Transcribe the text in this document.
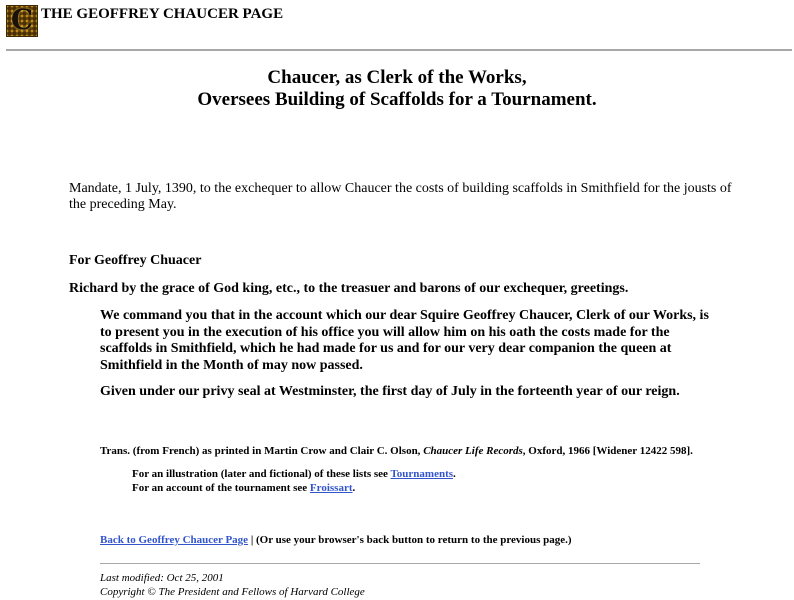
C THE GEOFFREY CHAUCER PAGE
Chaucer, as Clerk of the Works,
Oversees Building of Scaffolds for a Tournament.
Mandate, 1 July, 1390, to the exchequer to allow Chaucer the costs of building scaffolds in Smithfield for the jousts of the preceding May.
For Geoffrey Chuacer
Richard by the grace of God king, etc., to the treasuer and barons of our exchequer, greetings.
We command you that in the account which our dear Squire Geoffrey Chaucer, Clerk of our Works, is to present you in the execution of his office you will allow him on his oath the costs made for the scaffolds in Smithfield, which he had made for us and for our very dear companion the queen at Smithfield in the Month of may now passed.
Given under our privy seal at Westminster, the first day of July in the forteenth year of our reign.
Trans. (from French) as printed in Martin Crow and Clair C. Olson, Chaucer Life Records, Oxford, 1966 [Widener 12422 598].
For an illustration (later and fictional) of these lists see Tournaments.
For an account of the tournament see Froissart.
Back to Geoffrey Chaucer Page | (Or use your browser's back button to return to the previous page.)
Last modified: Oct 25, 2001
Copyright © The President and Fellows of Harvard College
